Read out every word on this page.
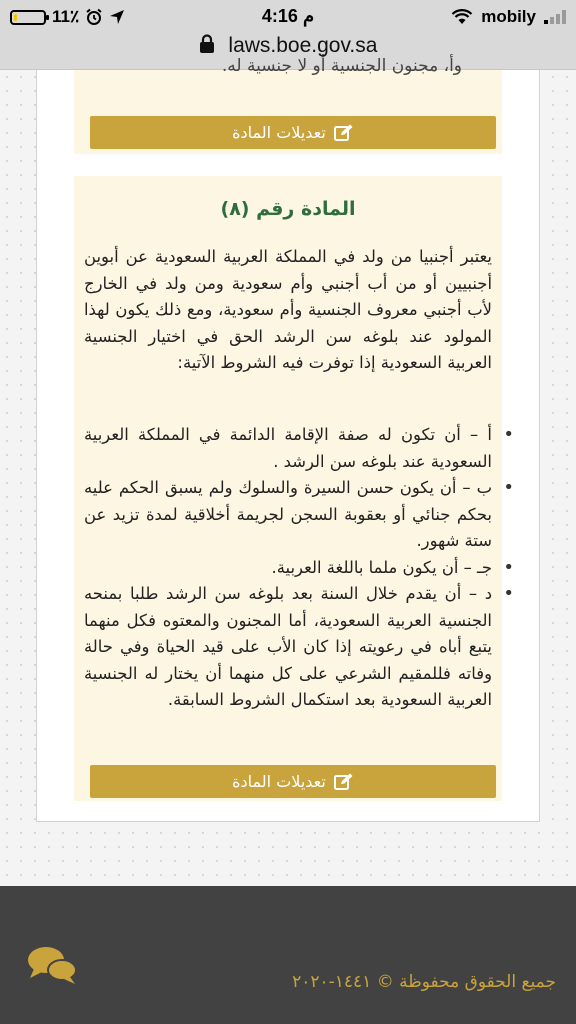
11٪	4:16 م	mobily
laws.boe.gov.sa
وأ، مجنون الجنسية أو لا جنسية له.
تعديلات المادة
المادة رقم (٨)

يعتبر أجنبيا من ولد في المملكة العربية السعودية عن أبوين أجنبيين أو من أب أجنبي وأم سعودية ومن ولد في الخارج لأب أجنبي معروف الجنسية وأم سعودية، ومع ذلك يكون لهذا المولود عند بلوغه سن الرشد الحق في اختيار الجنسية العربية السعودية إذا توفرت فيه الشروط الآتية:

•
أ – أن تكون له صفة الإقامة الدائمة في المملكة العربية السعودية عند بلوغه سن الرشد .
•
ب – أن يكون حسن السيرة والسلوك ولم يسبق الحكم عليه بحكم جنائي أو بعقوبة السجن لجريمة أخلاقية لمدة تزيد عن ستة شهور.
•
جـ – أن يكون ملما باللغة العربية.
•
د – أن يقدم خلال السنة بعد بلوغه سن الرشد طلبا بمنحه الجنسية العربية السعودية، أما المجنون والمعتوه فكل منهما يتبع أباه في رعويته إذا كان الأب على قيد الحياة وفي حالة وفاته فللمقيم الشرعي على كل منهما أن يختار له الجنسية العربية السعودية بعد استكمال الشروط السابقة.
تعديلات المادة
جميع الحقوق محفوظة © ١٤٤١-٢٠٢٠
